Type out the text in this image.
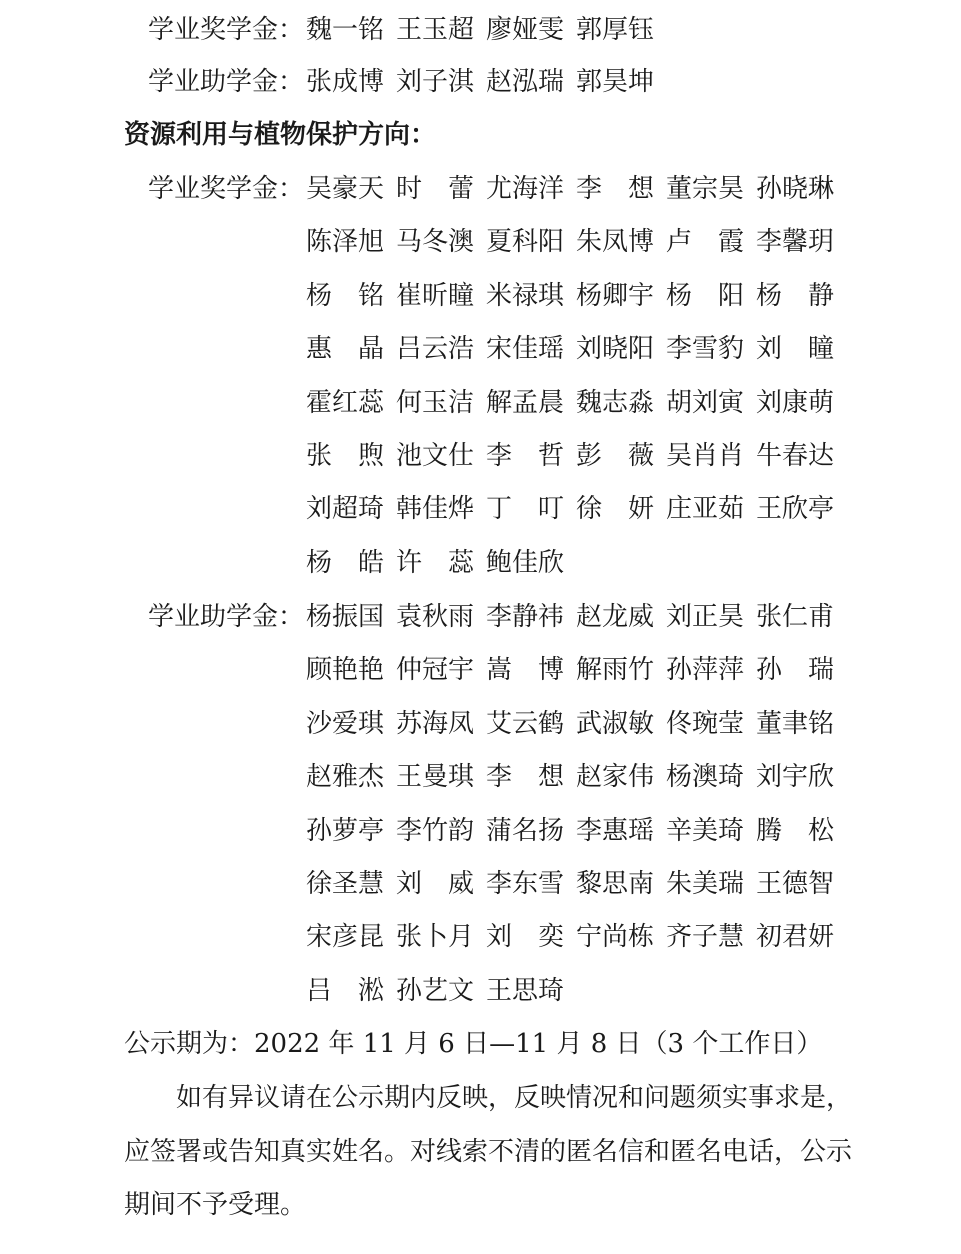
学业奖学金： 魏一铭 王玉超 廖娅雯 郭厚钰
学业助学金： 张成博 刘子淇 赵泓瑞 郭昊坤
资源利用与植物保护方向：
学业奖学金： 吴豪天 时　蕾 尤海洋 李　想 董宗昊 孙晓琳
陈泽旭 马冬澳 夏科阳 朱凤博 卢　霞 李馨玥
杨　铭 崔昕瞳 米禄琪 杨卿宇 杨　阳 杨　静
惠　晶 吕云浩 宋佳瑶 刘晓阳 李雪豹 刘　瞳
霍红蕊 何玉洁 解孟晨 魏志淼 胡刘寅 刘康萌
张　煦 池文仕 李　哲 彭　薇 吴肖肖 牛春达
刘超琦 韩佳烨 丁　叮 徐　妍 庄亚茹 王欣亭
杨　皓 许　蕊 鲍佳欣
学业助学金： 杨振国 袁秋雨 李静祎 赵龙威 刘正昊 张仁甫
顾艳艳 仲冠宇 嵩　博 解雨竹 孙萍萍 孙　瑞
沙爱琪 苏海凤 艾云鹤 武淑敏 佟琬莹 董聿铭
赵雅杰 王曼琪 李　想 赵家伟 杨澳琦 刘宇欣
孙萝亭 李竹韵 蒲名扬 李惠瑶 辛美琦 腾　松
徐圣慧 刘　威 李东雪 黎思南 朱美瑞 王德智
宋彦昆 张卜月 刘　奕 宁尚栋 齐子慧 初君妍
吕　淞 孙艺文 王思琦
公示期为：2022 年 11 月 6 日—11 月 8 日（3 个工作日）
如有异议请在公示期内反映，反映情况和问题须实事求是，
应签署或告知真实姓名。对线索不清的匿名信和匿名电话，公示
期间不予受理。
